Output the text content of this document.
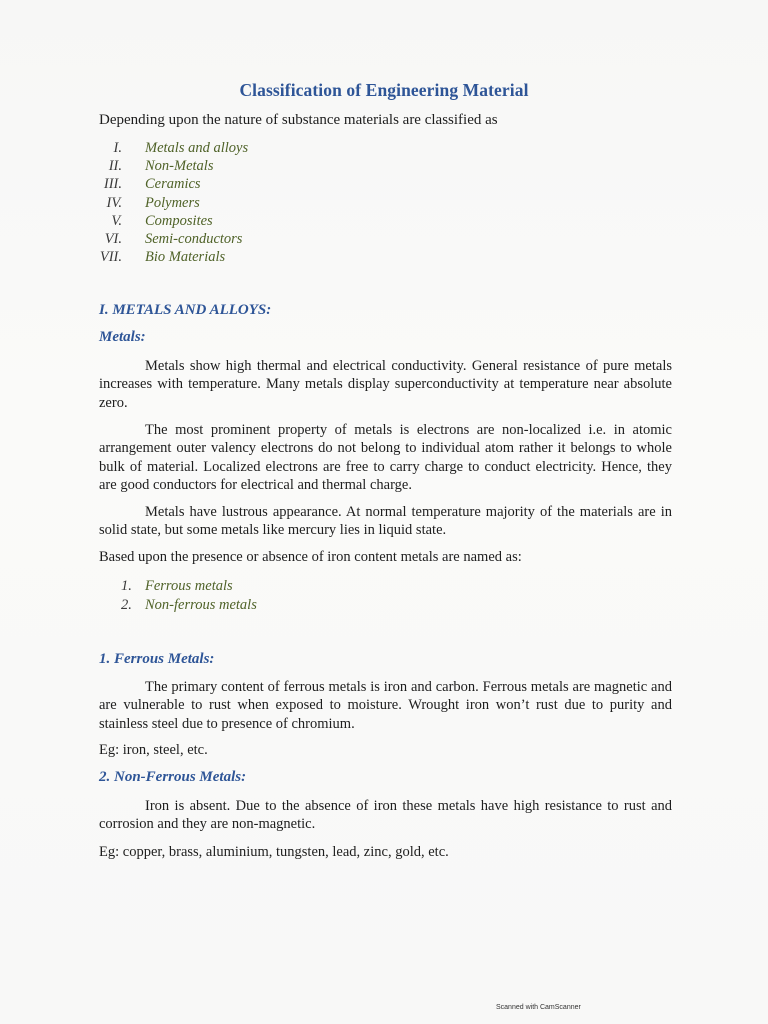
Classification of Engineering Material
Depending upon the nature of substance materials are classified as
I. Metals and alloys
II. Non-Metals
III. Ceramics
IV. Polymers
V. Composites
VI. Semi-conductors
VII. Bio Materials
I. METALS AND ALLOYS:
Metals:

Metals show high thermal and electrical conductivity. General resistance of pure metals increases with temperature. Many metals display superconductivity at temperature near absolute zero.

The most prominent property of metals is electrons are non-localized i.e. in atomic arrangement outer valency electrons do not belong to individual atom rather it belongs to whole bulk of material. Localized electrons are free to carry charge to conduct electricity. Hence, they are good conductors for electrical and thermal charge.

Metals have lustrous appearance. At normal temperature majority of the materials are in solid state, but some metals like mercury lies in liquid state.

Based upon the presence or absence of iron content metals are named as:

1. Ferrous metals
2. Non-ferrous metals
1. Ferrous Metals:

The primary content of ferrous metals is iron and carbon. Ferrous metals are magnetic and are vulnerable to rust when exposed to moisture. Wrought iron won’t rust due to purity and stainless steel due to presence of chromium.

Eg: iron, steel, etc.

2. Non-Ferrous Metals:

Iron is absent. Due to the absence of iron these metals have high resistance to rust and corrosion and they are non-magnetic.

Eg: copper, brass, aluminium, tungsten, lead, zinc, gold, etc.

Scanned with CamScanner
